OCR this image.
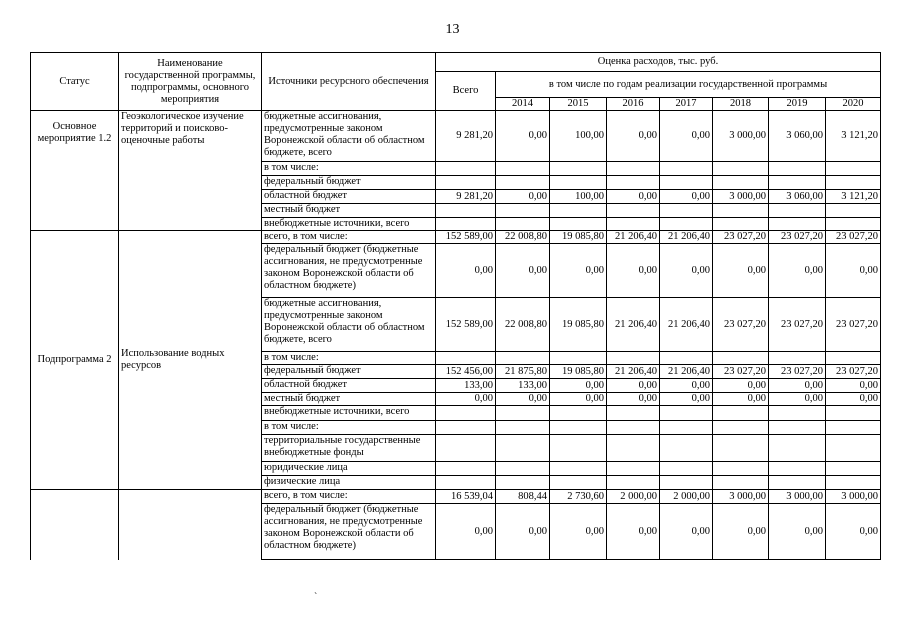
13
Статус	Наименование государственной программы, подпрограммы, основного мероприятия	Источники ресурсного обеспечения	Оценка расходов, тыс. руб.							
			Всего	в том числе по годам реализации государственной программы						
				2014	2015	2016	2017	2018	2019	2020
Основное мероприятие 1.2	Геоэкологическое изучение территорий и поисково-оценочные работы	бюджетные ассигнования, предусмотренные законом Воронежской области об областном бюджете, всего	9 281,20	0,00	100,00	0,00	0,00	3 000,00	3 060,00	3 121,20
		в том числе:								
		федеральный бюджет								
		областной бюджет	9 281,20	0,00	100,00	0,00	0,00	3 000,00	3 060,00	3 121,20
		местный бюджет								
		внебюджетные источники, всего								
Подпрограмма 2	Использование водных ресурсов	всего, в том числе:	152 589,00	22 008,80	19 085,80	21 206,40	21 206,40	23 027,20	23 027,20	23 027,20
		федеральный бюджет (бюджетные ассигнования, не предусмотренные законом Воронежской области об областном бюджете)	0,00	0,00	0,00	0,00	0,00	0,00	0,00	0,00
		бюджетные ассигнования, предусмотренные законом Воронежской области об областном бюджете, всего	152 589,00	22 008,80	19 085,80	21 206,40	21 206,40	23 027,20	23 027,20	23 027,20
		в том числе:								
		федеральный бюджет	152 456,00	21 875,80	19 085,80	21 206,40	21 206,40	23 027,20	23 027,20	23 027,20
		областной бюджет	133,00	133,00	0,00	0,00	0,00	0,00	0,00	0,00
		местный бюджет	0,00	0,00	0,00	0,00	0,00	0,00	0,00	0,00
		внебюджетные источники, всего								
		в том числе:								
		территориальные государственные внебюджетные фонды								
		юридические лица								
		физические лица								
		всего, в том числе:	16 539,04	808,44	2 730,60	2 000,00	2 000,00	3 000,00	3 000,00	3 000,00
		федеральный бюджет (бюджетные ассигнования, не предусмотренные законом Воронежской области об областном бюджете)	0,00	0,00	0,00	0,00	0,00	0,00	0,00	0,00
`
